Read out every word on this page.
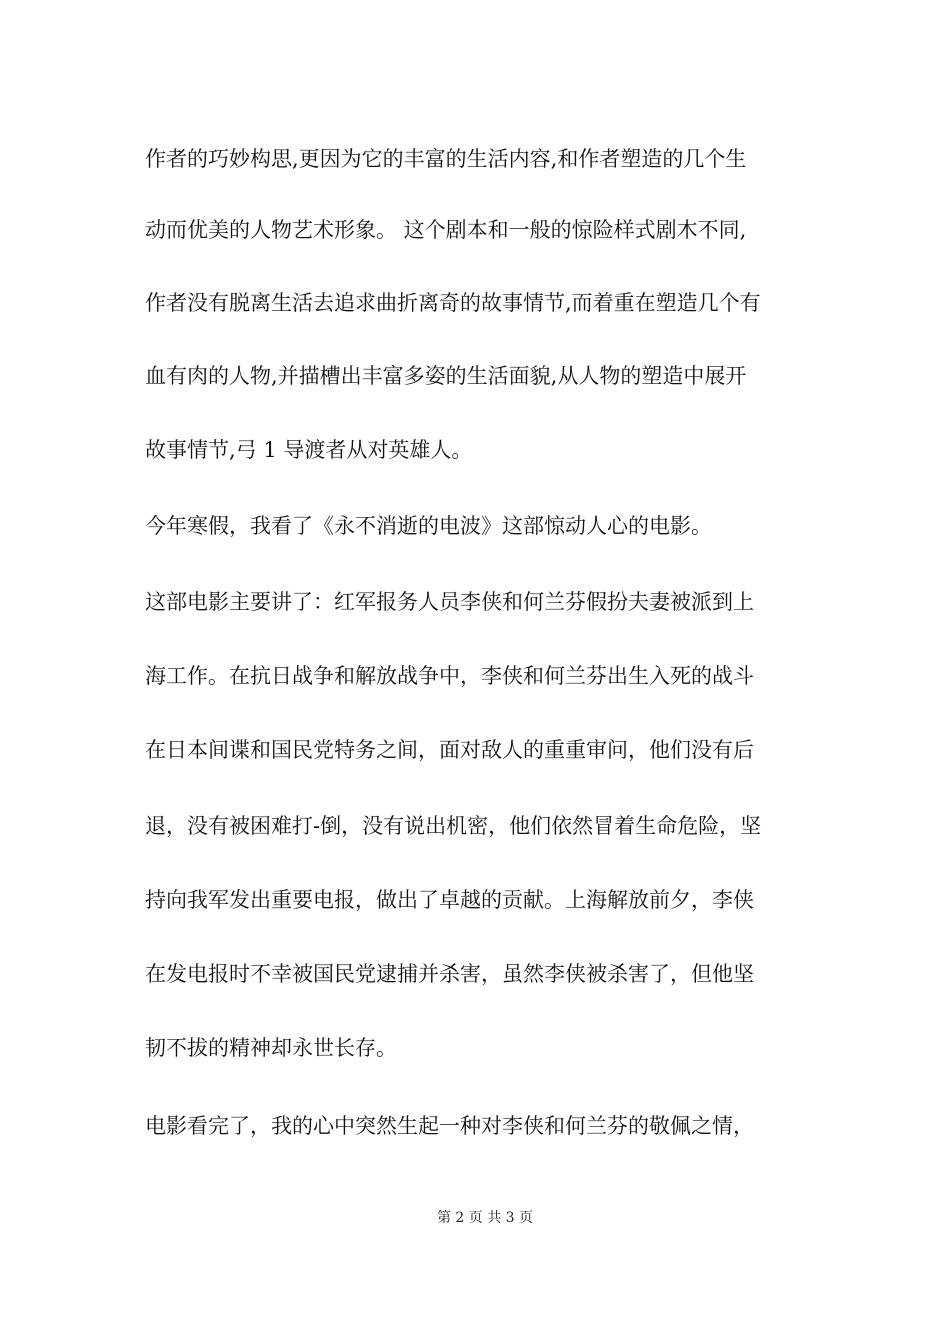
作者的巧妙构思,更因为它的丰富的生活内容,和作者塑造的几个生
动而优美的人物艺术形象。 这个剧本和一般的惊险样式剧木不同,
作者没有脱离生活去追求曲折离奇的故事情节,而着重在塑造几个有
血有肉的人物,并描槽出丰富多姿的生活面貌,从人物的塑造中展开
故事情节,弓 1 导渡者从对英雄人。
今年寒假，我看了《永不消逝的电波》这部惊动人心的电影。
这部电影主要讲了：红军报务人员李侠和何兰芬假扮夫妻被派到上
海工作。在抗日战争和解放战争中，李侠和何兰芬出生入死的战斗
在日本间谍和国民党特务之间，面对敌人的重重审问，他们没有后
退，没有被困难打-倒，没有说出机密，他们依然冒着生命危险，坚
持向我军发出重要电报，做出了卓越的贡献。上海解放前夕，李侠
在发电报时不幸被国民党逮捕并杀害，虽然李侠被杀害了，但他坚
韧不拔的精神却永世长存。
电影看完了，我的心中突然生起一种对李侠和何兰芬的敬佩之情，
第 2 页 共 3 页
